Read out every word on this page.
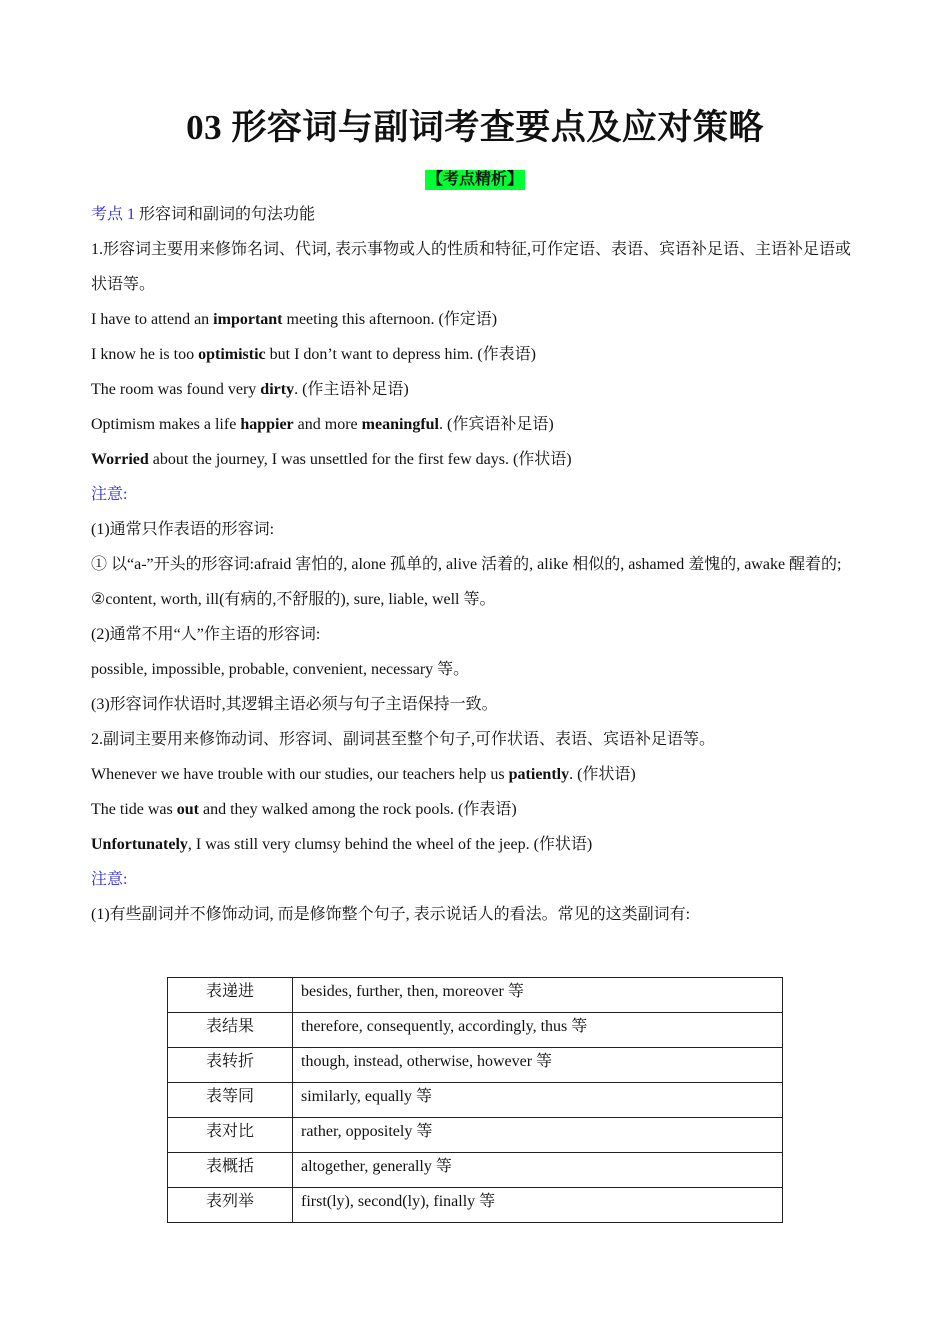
03 形容词与副词考查要点及应对策略
【考点精析】
考点 1 形容词和副词的句法功能
1.形容词主要用来修饰名词、代词, 表示事物或人的性质和特征,可作定语、表语、宾语补足语、主语补足语或状语等。
I have to attend an important meeting this afternoon. (作定语)
I know he is too optimistic but I don’t want to depress him. (作表语)
The room was found very dirty. (作主语补足语)
Optimism makes a life happier and more meaningful. (作宾语补足语)
Worried about the journey, I was unsettled for the first few days. (作状语)
注意:
(1)通常只作表语的形容词:
① 以“a-”开头的形容词:afraid 害怕的, alone 孤单的, alive 活着的, alike 相似的, ashamed 羞愧的, awake 醒着的;
②content, worth, ill(有病的,不舒服的), sure, liable, well 等。
(2)通常不用“人”作主语的形容词:
possible, impossible, probable, convenient, necessary 等。
(3)形容词作状语时,其逻辑主语必须与句子主语保持一致。
2.副词主要用来修饰动词、形容词、副词甚至整个句子,可作状语、表语、宾语补足语等。
Whenever we have trouble with our studies, our teachers help us patiently. (作状语)
The tide was out and they walked among the rock pools. (作表语)
Unfortunately, I was still very clumsy behind the wheel of the jeep. (作状语)
注意:
(1)有些副词并不修饰动词, 而是修饰整个句子, 表示说话人的看法。常见的这类副词有:
表递进	besides, further, then, moreover 等
表结果	therefore, consequently, accordingly, thus 等
表转折	though, instead, otherwise, however 等
表等同	similarly, equally 等
表对比	rather, oppositely 等
表概括	altogether, generally 等
表列举	first(ly), second(ly), finally 等
